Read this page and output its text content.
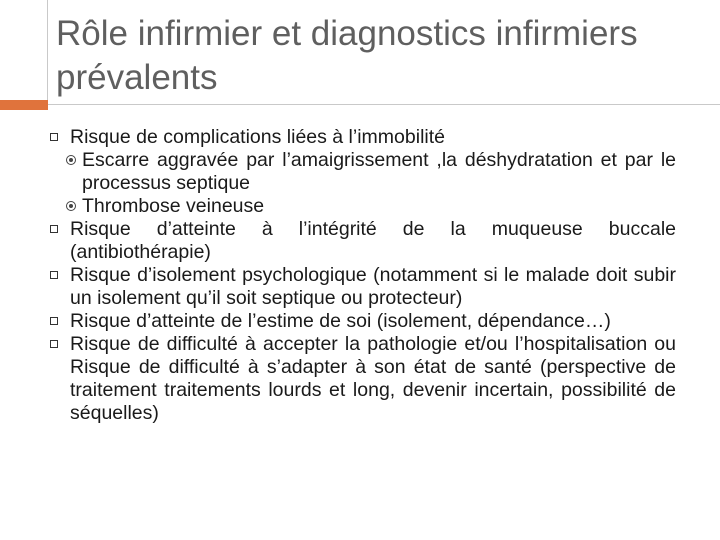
Rôle infirmier et diagnostics infirmiers prévalents
Risque de complications liées à l’immobilité
Escarre aggravée par l’amaigrissement ,la déshydratation et par le processus septique
Thrombose veineuse
Risque d’atteinte à l’intégrité de la muqueuse buccale (antibiothérapie)
Risque d’isolement psychologique (notamment si le malade doit subir un isolement qu’il soit septique ou protecteur)
Risque d’atteinte de l’estime de soi (isolement, dépendance…)
Risque de difficulté à accepter la pathologie et/ou l’hospitalisation ou Risque de difficulté à s’adapter à son état de santé (perspective de traitement traitements lourds et long, devenir incertain, possibilité de séquelles)
